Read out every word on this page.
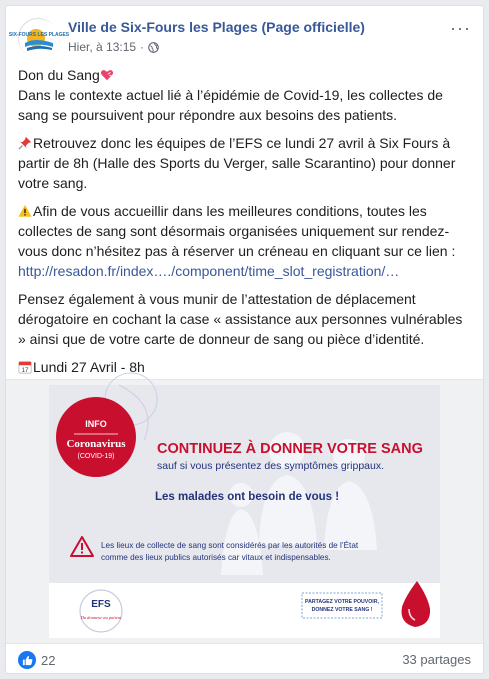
SIX-FOURS LES PLAGES
Ville de Six-Fours les Plages (Page officielle)
Hier, à 13:15 ·
···

Don du Sang

Dans le contexte actuel lié à l’épidémie de Covid-19, les collectes de sang se poursuivent pour répondre aux besoins des patients.

Retrouvez donc les équipes de l’EFS ce lundi 27 avril à Six Fours à partir de 8h (Halle des Sports du Verger, salle Scarantino) pour donner votre sang.

Afin de vous accueillir dans les meilleures conditions, toutes les collectes de sang sont désormais organisées uniquement sur rendez-vous donc n’hésitez pas à réserver un créneau en cliquant sur ce lien : http://resadon.fr/index…./component/time_slot_registration/…

Pensez également à vous munir de l’attestation de déplacement dérogatoire en cochant la case « assistance aux personnes vulnérables » ainsi que de votre carte de donneur de sang ou pièce d’identité.

17 Lundi 27 Avril - 8h

INFO
Coronavirus
(COVID-19)	CONTINUEZ À DONNER VOTRE SANG
sauf si vous présentez des symptômes grippaux.
Les malades ont besoin de vous !
Les lieux de collecte de sang sont considérés par les autorités de l’État
comme des lieux publics autorisés car vitaux et indispensables.
EFS
Du donneur au patient
PARTAGEZ VOTRE POUVOIR,
DONNEZ VOTRE SANG !
22	33 partages
